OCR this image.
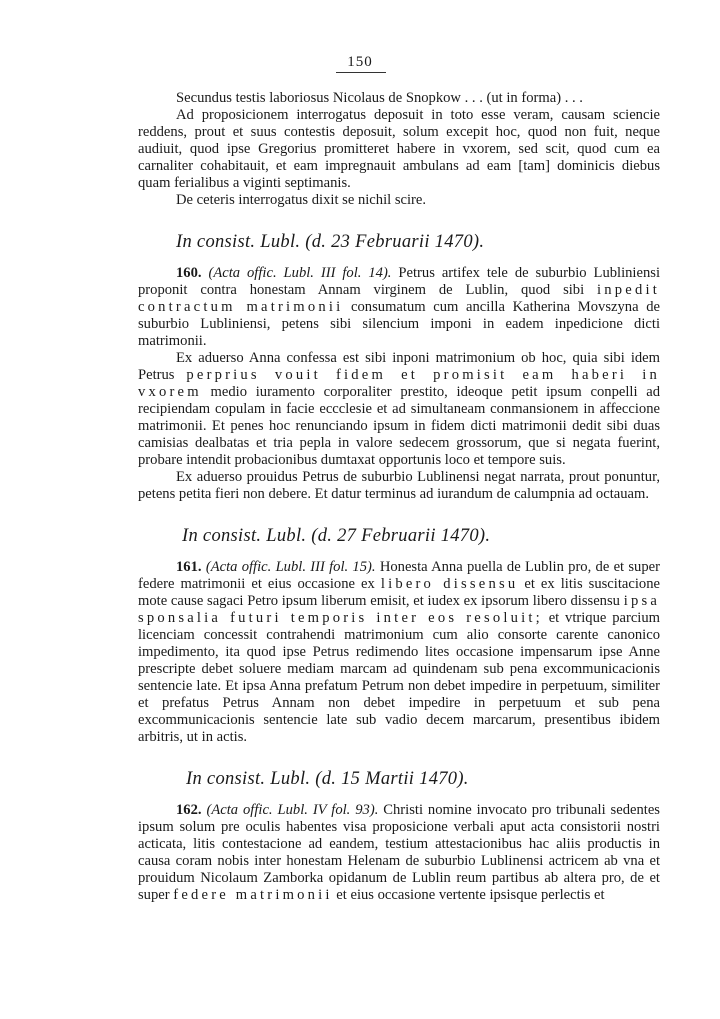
150

Secundus testis laboriosus Nicolaus de Snopkow . . . (ut in forma) . . .

Ad proposicionem interrogatus deposuit in toto esse veram, causam sciencie reddens, prout et suus contestis deposuit, solum excepit hoc, quod non fuit, neque audiuit, quod ipse Gregorius promitteret habere in vxorem, sed scit, quod cum ea carnaliter cohabitauit, et eam impregnauit ambulans ad eam [tam] dominicis diebus quam ferialibus a viginti septimanis.

De ceteris interrogatus dixit se nichil scire.

In consist. Lubl. (d. 23 Februarii 1470).

160. (Acta offic. Lubl. III fol. 14). Petrus artifex tele de suburbio Lubliniensi proponit contra honestam Annam virginem de Lublin, quod sibi inpedit contractum matrimonii consumatum cum ancilla Katherina Movszyna de suburbio Lubliniensi, petens sibi silencium imponi in eadem inpedicione dicti matrimonii.

Ex aduerso Anna confessa est sibi inponi matrimonium ob hoc, quia sibi idem Petrus perprius vouit fidem et promisit eam haberi in vxorem medio iuramento corporaliter prestito, ideoque petit ipsum conpelli ad recipiendam copulam in facie eccclesie et ad simultaneam conmansionem in affeccione matrimonii. Et penes hoc renunciando ipsum in fidem dicti matrimonii dedit sibi duas camisias dealbatas et tria pepla in valore sedecem grossorum, que si negata fuerint, probare intendit probacionibus dumtaxat opportunis loco et tempore suis.

Ex aduerso prouidus Petrus de suburbio Lublinensi negat narrata, prout ponuntur, petens petita fieri non debere. Et datur terminus ad iurandum de calumpnia ad octauam.

In consist. Lubl. (d. 27 Februarii 1470).

161. (Acta offic. Lubl. III fol. 15). Honesta Anna puella de Lublin pro, de et super federe matrimonii et eius occasione ex libero dissensu et ex litis suscitacione mote cause sagaci Petro ipsum liberum emisit, et iudex ex ipsorum libero dissensu ipsa sponsalia futuri temporis inter eos resoluit; et vtrique parcium licenciam concessit contrahendi matrimonium cum alio consorte carente canonico impedimento, ita quod ipse Petrus redimendo lites occasione impensarum ipse Anne prescripte debet soluere mediam marcam ad quindenam sub pena excommunicacionis sentencie late. Et ipsa Anna prefatum Petrum non debet impedire in perpetuum, similiter et prefatus Petrus Annam non debet impedire in perpetuum et sub pena excommunicacionis sentencie late sub vadio decem marcarum, presentibus ibidem arbitris, ut in actis.

In consist. Lubl. (d. 15 Martii 1470).

162. (Acta offic. Lubl. IV fol. 93). Christi nomine invocato pro tribunali sedentes ipsum solum pre oculis habentes visa proposicione verbali aput acta consistorii nostri acticata, litis contestacione ad eandem, testium attestacionibus hac aliis productis in causa coram nobis inter honestam Helenam de suburbio Lublinensi actricem ab vna et prouidum Nicolaum Zamborka opidanum de Lublin reum partibus ab altera pro, de et super federe matrimonii et eius occasione vertente ipsisque perlectis et
